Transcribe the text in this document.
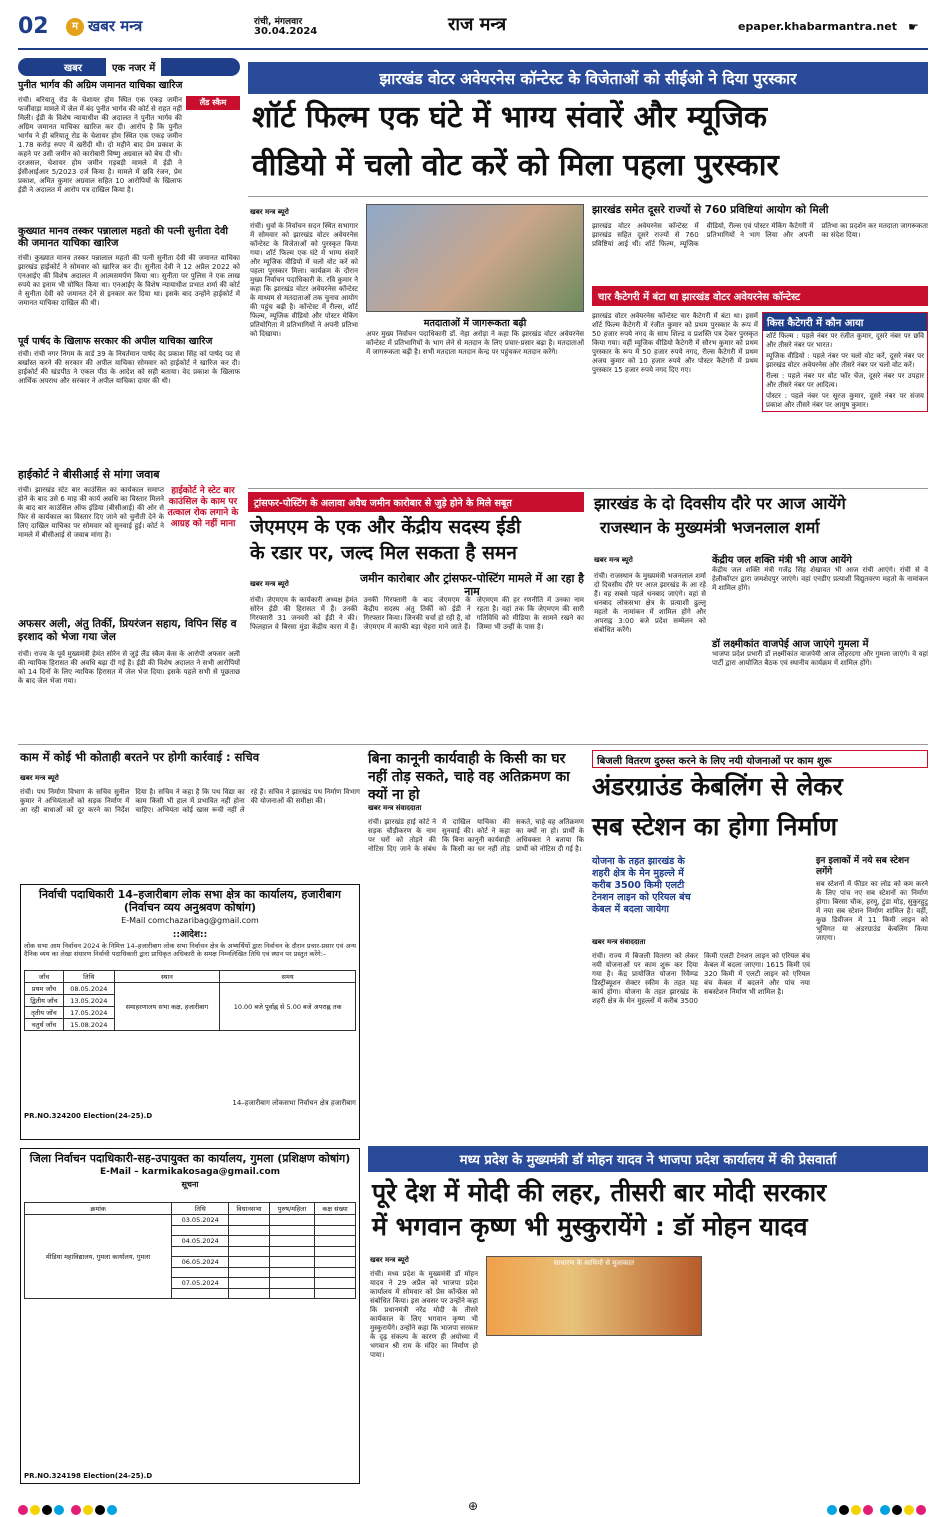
02	म खबर मन्त्र	रांची, मंगलवार
30.04.2024	राज मन्त्र	epaper.khabarmantra.net ☛
खबर	एक नजर में
पुनीत भार्गव की अग्रिम जमानत याचिका खारिज
लैंड स्कैम
रांची। बरियातू रोड के चेशायर होम स्थित एक एकड़ जमीन फर्जीवाड़ा मामले में जेल में बंद पुनीत भार्गव की कोर्ट से राहत नहीं मिली। ईडी के विशेष न्यायाधीश की अदालत ने पुनीत भार्गव की अग्रिम जमानत याचिका खारिज कर दी। आरोप है कि पुनीत भार्गव ने ही बरियातू रोड के चेशायर होम स्थित एक एकड़ जमीन 1.78 करोड़ रुपए में खरीदी थी। दो महीने बाद प्रेम प्रकाश के कहने पर उसी जमीन को कारोबारी विष्णु अग्रवाल को बेच दी थी। दरअसल, चेशायर होम जमीन गड़बड़ी मामले में ईडी ने ईसीआईआर 5/2023 दर्ज किया है। मामले में छवि रंजन, प्रेम प्रकाश, अमित कुमार अग्रवाल सहित 10 आरोपियों के खिलाफ ईडी ने अदालत में आरोप पत्र दाखिल किया है।
कुख्यात मानव तस्कर पन्नालाल महतो की पत्नी सुनीता देवी की जमानत याचिका खारिज
रांची। कुख्यात मानव तस्कर पन्नालाल महतो की पत्नी सुनीता देवी की जमानत याचिका झारखंड हाईकोर्ट ने सोमवार को खारिज कर दी। सुनीता देवी ने 12 अप्रैल 2022 को एनआईए की विशेष अदालत में आत्मसमर्पण किया था। सुनीता पर पुलिस ने एक लाख रुपये का इनाम भी घोषित किया था। एनआईए के विशेष न्यायाधीश प्रभात शर्मा की कोर्ट ने सुनीता देवी को जमानत देने से इनकार कर दिया था। इसके बाद उन्होंने हाईकोर्ट में जमानत याचिका दाखिल की थी।
पूर्व पार्षद के खिलाफ सरकार की अपील याचिका खारिज
रांची। रांची नगर निगम के वार्ड 39 के निवर्तमान पार्षद वेद प्रकाश सिंह को पार्षद पद से बर्खास्त करने की सरकार की अपील याचिका सोमवार को हाईकोर्ट ने खारिज कर दी। हाईकोर्ट की खंडपीठ ने एकल पीठ के आदेश को सही बताया। वेद प्रकाश के खिलाफ आर्थिक अपराध और सरकार ने अपील याचिका दायर की थी।
हाईकोर्ट ने बीसीआई से मांगा जवाब
हाईकोर्ट ने स्टेट बार काउंसिल के काम पर तत्काल रोक लगाने के आग्रह को नहीं माना
रांची। झारखंड स्टेट बार काउंसिल का कार्यकाल समाप्त होने के बाद उसे 6 माह की कार्य अवधि का विस्तार मिलने के बाद बार काउंसिल ऑफ इंडिया (बीसीआई) की ओर से फिर से कार्यकाल का विस्तार दिए जाने को चुनौती देने के लिए दाखिल याचिका पर सोमवार को सुनवाई हुई। कोर्ट ने मामले में बीसीआई से जवाब मांगा है।
अफसर अली, अंतु तिर्की, प्रियरंजन सहाय, विपिन सिंह व इरशाद को भेजा गया जेल
रांची। राज्य के पूर्व मुख्यमंत्री हेमंत सोरेन से जुड़े लैंड स्कैम केस के आरोपी अफसर अली की न्यायिक हिरासत की अवधि बढ़ा दी गई है। ईडी की विशेष अदालत ने सभी आरोपियों को 14 दिनों के लिए न्यायिक हिरासत में जेल भेज दिया। इसके पहले सभी से पूछताछ के बाद जेल भेजा गया।
झारखंड वोटर अवेयरनेस कॉन्टेस्ट के विजेताओं को सीईओ ने दिया पुरस्कार
शॉर्ट फिल्म एक घंटे में भाग्य संवारें और म्यूजिक
वीडियो में चलो वोट करें को मिला पहला पुरस्कार
खबर मन्त्र ब्यूरो
रांची। धुर्वा के निर्वाचन सदन स्थित सभागार में सोमवार को झारखंड वोटर अवेयरनेस कॉन्टेस्ट के विजेताओं को पुरस्कृत किया गया। शॉर्ट फिल्म एक घंटे में भाग्य संवारें और म्यूजिक वीडियो में चलो वोट करें को पहला पुरस्कार मिला। कार्यक्रम के दौरान मुख्य निर्वाचन पदाधिकारी के. रवि कुमार ने कहा कि झारखंड वोटर अवेयरनेस कॉन्टेस्ट के माध्यम से मतदाताओं तक चुनाव आयोग की पहुंच बढ़ी है। कॉन्टेस्ट में रील्स, शॉर्ट फिल्म, म्यूजिक वीडियो और पोस्टर मेकिंग प्रतियोगिता में प्रतिभागियों ने अपनी प्रतिभा को दिखाया।
मतदाताओं में जागरूकता बढ़ी
अपर मुख्य निर्वाचन पदाधिकारी डॉ. नेहा अरोड़ा ने कहा कि झारखंड वोटर अवेयरनेस कॉन्टेस्ट में प्रतिभागियों के भाग लेने से मतदान के लिए प्रचार-प्रसार बढ़ा है। मतदाताओं में जागरूकता बढ़ी है। सभी मतदाता मतदान केन्द्र पर पहुंचकर मतदान करेंगे।
झारखंड समेत दूसरे राज्यों से 760 प्रविष्टियां आयोग को मिली
झारखंड वोटर अवेयरनेस कॉन्टेस्ट में झारखंड सहित दूसरे राज्यों से 760 प्रविष्टियां आई थीं। शॉर्ट फिल्म, म्यूजिक वीडियो, रील्स एवं पोस्टर मेकिंग कैटेगरी में प्रतिभागियों ने भाग लिया और अपनी प्रतिभा का प्रदर्शन कर मतदाता जागरूकता का संदेश दिया।
चार कैटेगरी में बंटा था झारखंड वोटर अवेयरनेस कॉन्टेस्ट
झारखंड वोटर अवेयरनेस कॉन्टेस्ट चार कैटेगरी में बंटा था। इसमें शॉर्ट फिल्म कैटेगरी में रंजीत कुमार को प्रथम पुरस्कार के रूप में 50 हजार रुपये नगद के साथ शिल्ड व प्रशस्ति पत्र देकर पुरस्कृत किया गया। वहीं म्यूजिक वीडियो कैटेगरी में सौरभ कुमार को प्रथम पुरस्कार के रूप में 50 हजार रुपये नगद, रील्स कैटेगरी में प्रथम अजय कुमार को 10 हजार रुपये और पोस्टर कैटेगरी में प्रथम पुरस्कार 15 हजार रुपये नगद दिए गए।
किस कैटेगरी में कौन आया
शॉर्ट फिल्म : पहले नंबर पर रंजीत कुमार, दूसरे नंबर पर छवि और तीसरे नंबर पर भारत।
म्यूजिक वीडियो : पहले नंबर पर चलो वोट करें, दूसरे नंबर पर झारखंड वोटर अवेयरनेस और तीसरे नंबर पर चलो वोट करें।
रील्स : पहले नंबर पर वोट फॉर चेंज, दूसरे नंबर पर उपहार और तीसरे नंबर पर आदित्य।
पोस्टर : पहले नंबर पर सूरज कुमार, दूसरे नंबर पर संजय प्रकाश और तीसरे नंबर पर आयुष कुमार।
ट्रांसफर-पोस्टिंग के अलावा अवैध जमीन कारोबार से जुड़े होने के मिले सबूत
जेएमएम के एक और केंद्रीय सदस्य ईडी
के रडार पर, जल्द मिल सकता है समन
जमीन कारोबार और ट्रांसफर-पोस्टिंग मामले में आ रहा है नाम
खबर मन्त्र ब्यूरो
रांची। जेएमएम के कार्यकारी अध्यक्ष हेमंत सोरेन ईडी की हिरासत में हैं। उनकी गिरफ्तारी 31 जनवरी को ईडी ने की। फिलहाल वे बिरसा मुंडा केंद्रीय कारा में हैं। उनकी गिरफ्तारी के बाद जेएमएम के केंद्रीय सदस्य अंतु तिर्की को ईडी ने गिरफ्तार किया। जिनकी चर्चा हो रही है, वो जेएमएम में काफी बड़ा चेहरा माने जाते हैं। जेएमएम की हर रणनीति में उनका नाम रहता है। वहां तक कि जेएमएम की सारी गतिविधि को मीडिया के सामने रखने का जिम्मा भी उन्हीं के पास है।
झारखंड के दो दिवसीय दौरे पर आज आयेंगे
राजस्थान के मुख्यमंत्री भजनलाल शर्मा
खबर मन्त्र ब्यूरो
रांची। राजस्थान के मुख्यमंत्री भजनलाल शर्मा दो दिवसीय दौरे पर आज झारखंड के आ रहे हैं। वह सबसे पहले धनबाद जाएंगे। वहां से धनबाद लोकसभा क्षेत्र के प्रत्याशी ढुल्लू महतो के नामांकन में शामिल होंगे और अपराह्न 3:00 बजे प्रदेश सम्मेलन को संबोधित करेंगे।
केंद्रीय जल शक्ति मंत्री भी आज आयेंगे
केंद्रीय जल शक्ति मंत्री गजेंद्र सिंह शेखावत भी आज रांची आएंगे। रांची से वे हेलीकॉप्टर द्वारा जमशेदपुर जाएंगे। वहां एनडीए प्रत्याशी विद्युतवरण महतो के नामांकन में शामिल होंगे।
डॉ लक्ष्मीकांत वाजपेई आज जाएंगे गुमला में
भाजपा प्रदेश प्रभारी डॉ लक्ष्मीकांत वाजपेयी आज लोहरदगा और गुमला जाएंगे। वे वहां पार्टी द्वारा आयोजित बैठक एवं स्थानीय कार्यक्रम में शामिल होंगे।
काम में कोई भी कोताही बरतने पर होगी कार्रवाई : सचिव
खबर मन्त्र ब्यूरो
रांची। पथ निर्माण विभाग के सचिव सुनील कुमार ने अभियंताओं को सड़क निर्माण में आ रही बाधाओं को दूर करने का निर्देश दिया है। सचिव ने कहा है कि पथ विद्या का काम किसी भी हाल में प्रभावित नहीं होना चाहिए। अभियंता कोई खास रूची नहीं ले रहे हैं। सचिव ने झारखंड पथ निर्माण विभाग की योजनाओं की समीक्षा की।
निर्वाची पदाधिकारी 14–हजारीबाग लोक सभा क्षेत्र का कार्यालय, हजारीबाग (निर्वाचन व्यय अनुश्रवण कोषांग)
E-Mail comchazaribag@gmail.com
::आदेश::
लोक सभा आम निर्वाचन 2024 के निमित्त 14–हजारीबाग लोक सभा निर्वाचन क्षेत्र के अभ्यर्थियों द्वारा निर्वाचन के दौरान प्रचार-प्रसार एवं अन्य दैनिक व्यय का लेखा संधारण निर्वाची पदाधिकारी द्वारा प्राधिकृत अधिकारी के समक्ष निम्नलिखित तिथि एवं स्थान पर प्रस्तुत करेंगे:–
जाँच	तिथि	स्थान	समय
प्रथम जाँच	08.05.2024	समाहरणालय सभा कक्ष, हजारीबाग	10.00 बजे पूर्वाह्न से 5.00 बजे अपराह्न तक
द्वितीय जाँच	13.05.2024		
तृतीय जाँच	17.05.2024		
चतुर्थ जाँच	15.08.2024		
14–हजारीबाग लोकसभा निर्वाचन क्षेत्र हजारीबाग
PR.NO.324200 Election(24-25).D
जिला निर्वाचन पदाधिकारी-सह-उपायुक्त का कार्यालय, गुमला (प्रशिक्षण कोषांग)
E-Mail – karmikakosaga@gmail.com
सूचना
क्रमांक	तिथि	विधानसभा	पुरुष/महिला	कक्ष संख्या
मीडिया महाविद्यालय, गुमला कार्यालय, गुमला	03.05.2024			

	04.05.2024			

	06.05.2024			

	07.05.2024			

PR.NO.324198 Election(24-25).D
बिना कानूनी कार्यवाही के किसी का घर नहीं तोड़ सकते, चाहे वह अतिक्रमण का क्यों ना हो
खबर मन्त्र संवाददाता
रांची। झारखंड हाई कोर्ट ने सड़क चौड़ीकरण के नाम पर घरों को तोड़ने की नोटिस दिए जाने के संबंध में दाखिल याचिका की सुनवाई की। कोर्ट ने कहा कि बिना कानूनी कार्यवाही के किसी का घर नहीं तोड़ सकते, चाहे वह अतिक्रमण का क्यों ना हो। प्रार्थी के अधिवक्ता ने बताया कि प्रार्थी को नोटिस दी गई है।
बिजली वितरण दुरुस्त करने के लिए नयी योजनाओं पर काम शुरू
अंडरग्राउंड केबलिंग से लेकर
सब स्टेशन का होगा निर्माण
योजना के तहत झारखंड के शहरी क्षेत्र के मेन मुहल्ले में करीब 3500 किमी एलटी टेनशन लाइन को एरियल बंच केबल में बदला जायेगा
खबर मन्त्र संवाददाता
रांची। राज्य में बिजली वितरण को लेकर नयी योजनाओं पर काम शुरू कर दिया गया है। केंद्र प्रायोजित योजना रिवैम्प्ड डिस्ट्रीब्यूशन सेक्टर स्कीम के तहत यह कार्य होगा। योजना के तहत झारखंड के शहरी क्षेत्र के मेन मुहल्लों में करीब 3500 किमी एलटी टेनशन लाइन को एरियल बंच केबल में बदला जाएगा। 1615 किमी एवं 320 किमी में एलटी लाइन को एरियल बंच केबल में बदलने और पांच नया सबस्टेशन निर्माण भी शामिल है।
इन इलाकों में नये सब स्टेशन लगेंगे
सब स्टेशनों में फीडर का लोड को कम करने के लिए पांच नए सब स्टेशनों का निर्माण होगा। बिरसा चौक, हरमू, टुंडा मोड़, सुकुरहुटु में नया सब स्टेशन निर्माण शामिल है। वहीं, कुछ डिवीजन में 11 किमी लाइन को भूमिगत या अंडरग्राउंड केबलिंग किया जाएगा।
मध्य प्रदेश के मुख्यमंत्री डॉ मोहन यादव ने भाजपा प्रदेश कार्यालय में की प्रेसवार्ता
पूरे देश में मोदी की लहर, तीसरी बार मोदी सरकार
में भगवान कृष्ण भी मुस्कुरायेंगे : डॉ मोहन यादव
खबर मन्त्र ब्यूरो
रांची। मध्य प्रदेश के मुख्यमंत्री डॉ मोहन यादव ने 29 अप्रैल को भाजपा प्रदेश कार्यालय में सोमवार को प्रेस कॉन्फ्रेंस को संबोधित किया। इस अवसर पर उन्होंने कहा कि प्रधानमंत्री नरेंद्र मोदी के तीसरे कार्यकाल के लिए भगवान कृष्ण भी मुस्कुरायेंगे। उन्होंने कहा कि भाजपा सरकार के दृढ़ संकल्प के कारण ही अयोध्या में भगवान श्री राम के मंदिर का निर्माण हो पाया।
साधारण के साथियों से मुलाकात

⊕
